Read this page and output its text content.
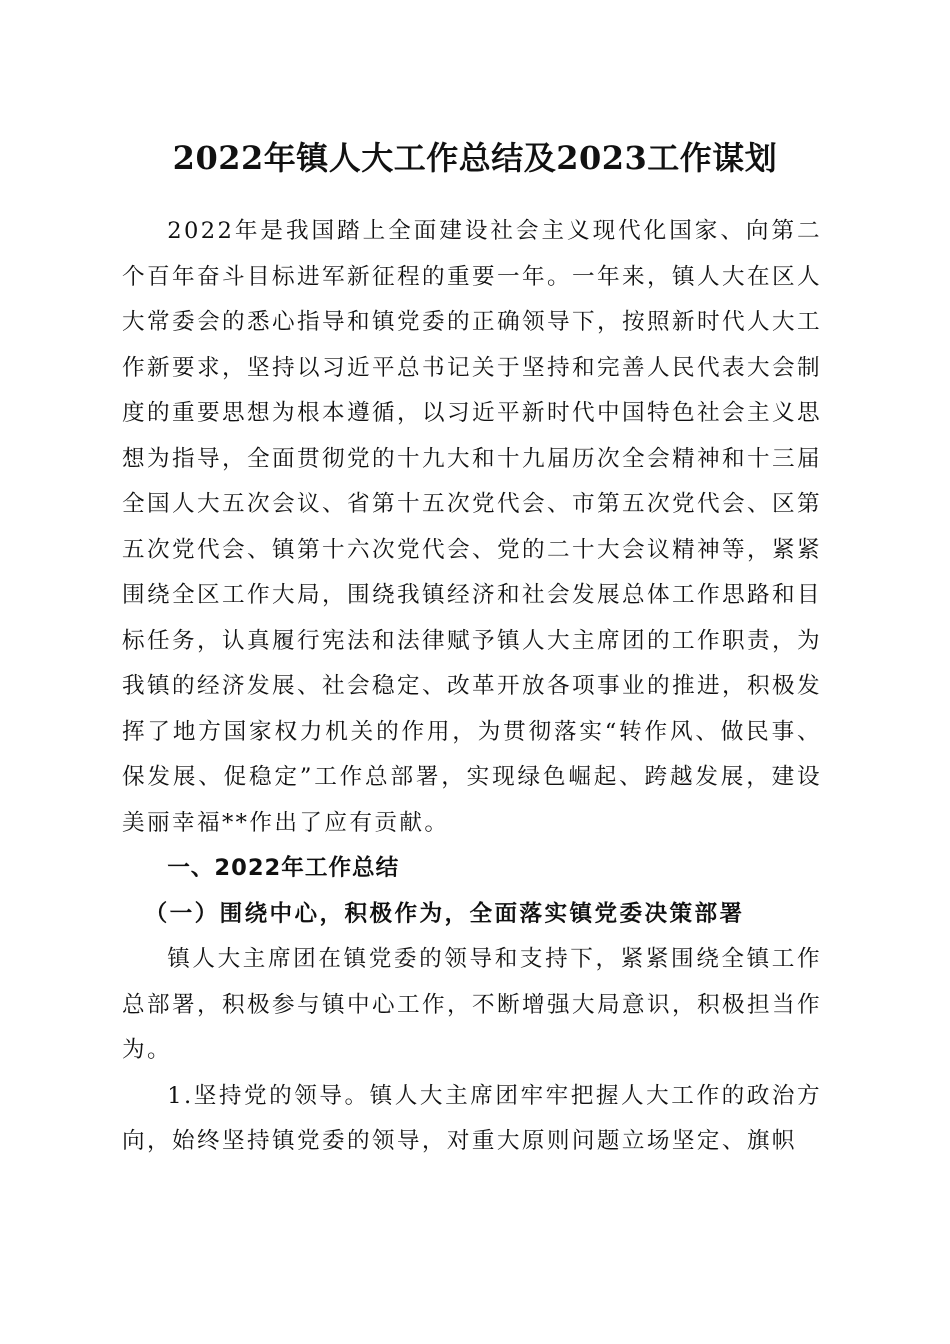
2022年镇人大工作总结及2023工作谋划

2022年是我国踏上全面建设社会主义现代化国家、向第二个百年奋斗目标进军新征程的重要一年。一年来，镇人大在区人大常委会的悉心指导和镇党委的正确领导下，按照新时代人大工作新要求，坚持以习近平总书记关于坚持和完善人民代表大会制度的重要思想为根本遵循，以习近平新时代中国特色社会主义思想为指导，全面贯彻党的十九大和十九届历次全会精神和十三届全国人大五次会议、省第十五次党代会、市第五次党代会、区第五次党代会、镇第十六次党代会、党的二十大会议精神等，紧紧围绕全区工作大局，围绕我镇经济和社会发展总体工作思路和目标任务，认真履行宪法和法律赋予镇人大主席团的工作职责，为我镇的经济发展、社会稳定、改革开放各项事业的推进，积极发挥了地方国家权力机关的作用，为贯彻落实“转作风、做民事、保发展、促稳定”工作总部署，实现绿色崛起、跨越发展，建设美丽幸福**作出了应有贡献。

一、2022年工作总结

（一）围绕中心，积极作为，全面落实镇党委决策部署

镇人大主席团在镇党委的领导和支持下，紧紧围绕全镇工作总部署，积极参与镇中心工作，不断增强大局意识，积极担当作为。

1.坚持党的领导。镇人大主席团牢牢把握人大工作的政治方向，始终坚持镇党委的领导，对重大原则问题立场坚定、旗帜
